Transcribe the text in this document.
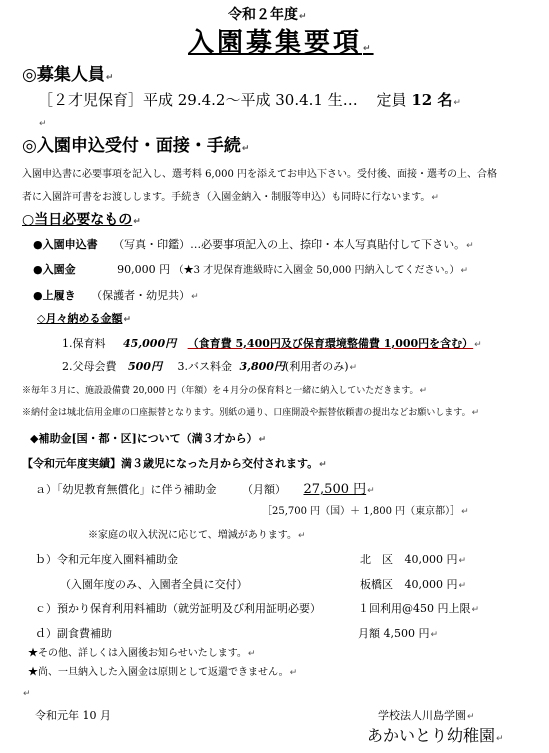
令和２年度↵
入園募集要項↵
◎募集人員↵
［２才児保育］平成 29.4.2～平成 30.4.1 生… 定員 12 名↵
↵
◎入園申込受付・面接・手続↵
入園申込書に必要事項を記入し、選考料 6,000 円を添えてお申込下さい。受付後、面接・選考の上、合格
者に入園許可書をお渡しします。手続き（入園金納入・制服等申込）も同時に行ないます。↵
○当日必要なもの↵
●入園申込書 （写真・印鑑）…必要事項記入の上、捺印・本人写真貼付して下さい。↵
●入園金	90,000 円 （★3 才児保育進級時に入園金 50,000 円納入してください。）↵
●上履き （保護者・幼児共）↵
◇月々納める金額↵
1.保育料 45,000円 （食育費 5,400円及び保育環境整備費 1,000円を含む）↵
2.父母会費 500円 3.バス料金 3,800円(利用者のみ)↵
※毎年３月に、施設設備費 20,000 円（年額）を４月分の保育料と一緒に納入していただきます。↵
※納付金は城北信用金庫の口座振替となります。別紙の通り、口座開設や振替依頼書の提出などお願いします。↵
◆補助金[国・都・区]について（満３才から）↵
【令和元年度実績】満３歳児になった月から交付されます。↵
ａ）「幼児教育無償化」に伴う補助金 （月額） 27,500 円↵
［25,700 円（国）＋ 1,800 円（東京都）］↵
※家庭の収入状況に応じて、増減があります。↵
ｂ）令和元年度入園料補助金	北　区 40,000 円↵
（入園年度のみ、入園者全員に交付）	板橋区 40,000 円↵
ｃ）預かり保育利用料補助（就労証明及び利用証明必要）	１回利用@450 円上限↵
ｄ）副食費補助	月額 4,500 円↵
★その他、詳しくは入園後お知らせいたします。↵
★尚、一旦納入した入園金は原則として返還できません。↵
↵
令和元年 10 月	学校法人川島学園↵
あかいとり幼稚園↵
